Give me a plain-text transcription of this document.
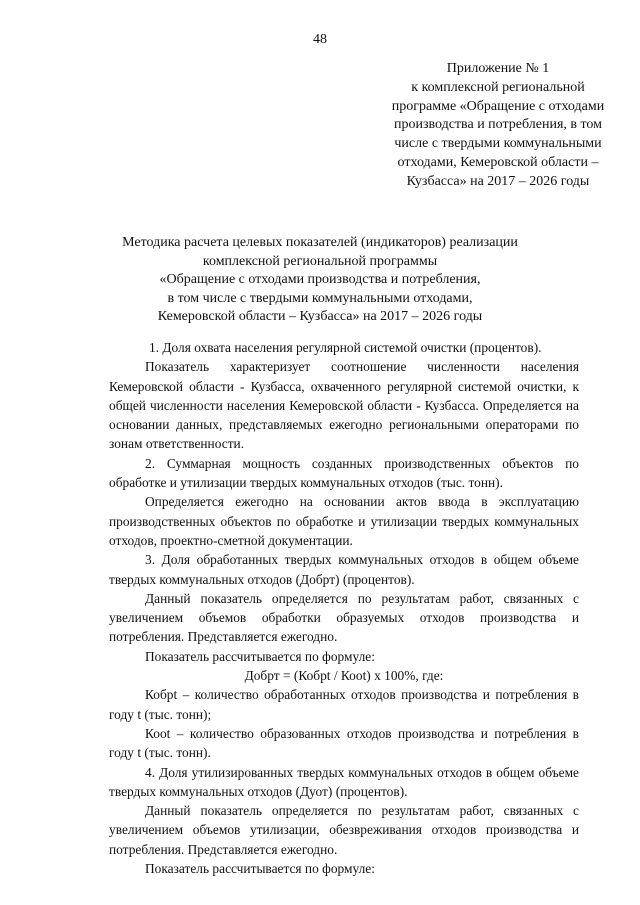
48
Приложение № 1
к комплексной региональной
программе «Обращение с отходами
производства и потребления, в том
числе с твердыми коммунальными
отходами, Кемеровской области –
Кузбасса» на 2017 – 2026 годы
Методика расчета целевых показателей (индикаторов) реализации
комплексной региональной программы
«Обращение с отходами производства и потребления,
в том числе с твердыми коммунальными отходами,
Кемеровской области – Кузбасса» на 2017 – 2026 годы

1. Доля охвата населения регулярной системой очистки (процентов).

Показатель характеризует соотношение численности населения Кемеровской области - Кузбасса, охваченного регулярной системой очистки, к общей численности населения Кемеровской области - Кузбасса. Определяется на основании данных, представляемых ежегодно региональными операторами по зонам ответственности.

2. Суммарная мощность созданных производственных объектов по обработке и утилизации твердых коммунальных отходов (тыс. тонн).

Определяется ежегодно на основании актов ввода в эксплуатацию производственных объектов по обработке и утилизации твердых коммунальных отходов, проектно-сметной документации.

3. Доля обработанных твердых коммунальных отходов в общем объеме твердых коммунальных отходов (Добрт) (процентов).

Данный показатель определяется по результатам работ, связанных с увеличением объемов обработки образуемых отходов производства и потребления. Представляется ежегодно.

Показатель рассчитывается по формуле:

Добрт = (Кобрt / Коot) х 100%, где:

Кобрt – количество обработанных отходов производства и потребления в году t (тыс. тонн);

Коot – количество образованных отходов производства и потребления в году t (тыс. тонн).

4. Доля утилизированных твердых коммунальных отходов в общем объеме твердых коммунальных отходов (Дуот) (процентов).

Данный показатель определяется по результатам работ, связанных с увеличением объемов утилизации, обезвреживания отходов производства и потребления. Представляется ежегодно.

Показатель рассчитывается по формуле:
